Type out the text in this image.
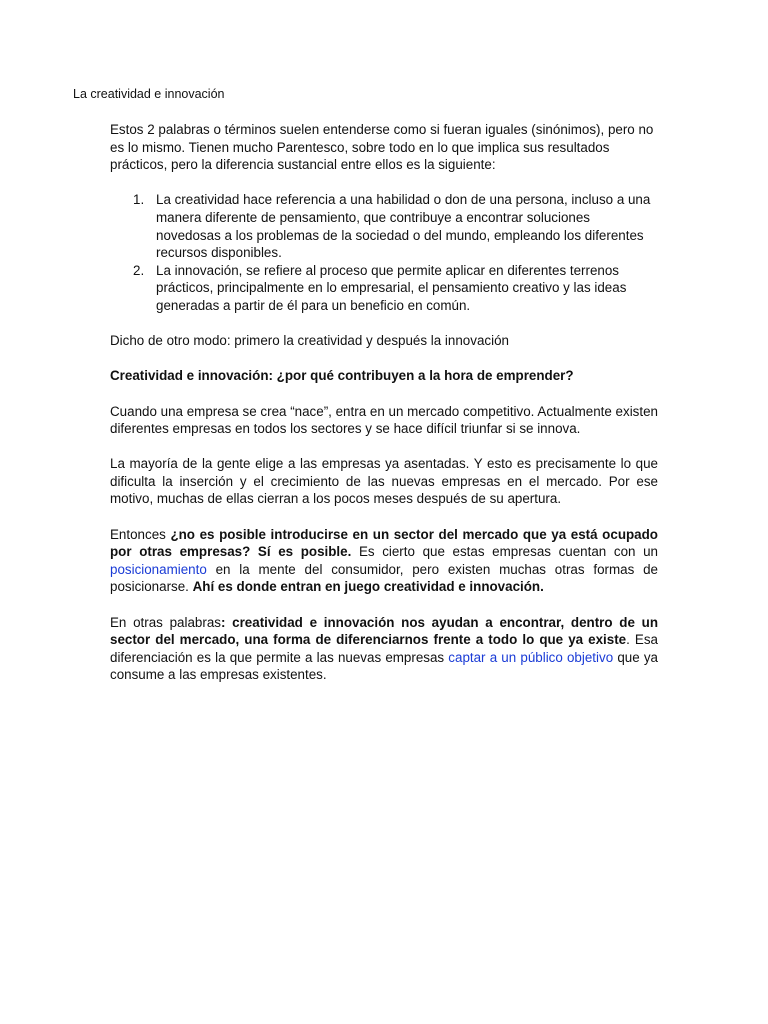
La creatividad e innovación

Estos 2 palabras o términos suelen entenderse como si fueran iguales (sinónimos), pero no es lo mismo. Tienen mucho Parentesco, sobre todo en lo que implica sus resultados prácticos, pero la diferencia sustancial entre ellos es la siguiente:

1. La creatividad hace referencia a una habilidad o don de una persona, incluso a una manera diferente de pensamiento, que contribuye a encontrar soluciones novedosas a los problemas de la sociedad o del mundo, empleando los diferentes recursos disponibles.
2. La innovación, se refiere al proceso que permite aplicar en diferentes terrenos prácticos, principalmente en lo empresarial, el pensamiento creativo y las ideas generadas a partir de él para un beneficio en común.

Dicho de otro modo: primero la creatividad y después la innovación

Creatividad e innovación: ¿por qué contribuyen a la hora de emprender?

Cuando una empresa se crea “nace”, entra en un mercado competitivo. Actualmente existen diferentes empresas en todos los sectores y se hace difícil triunfar si se innova.

La mayoría de la gente elige a las empresas ya asentadas. Y esto es precisamente lo que dificulta la inserción y el crecimiento de las nuevas empresas en el mercado. Por ese motivo, muchas de ellas cierran a los pocos meses después de su apertura.

Entonces ¿no es posible introducirse en un sector del mercado que ya está ocupado por otras empresas? Sí es posible. Es cierto que estas empresas cuentan con un posicionamiento en la mente del consumidor, pero existen muchas otras formas de posicionarse. Ahí es donde entran en juego creatividad e innovación.

En otras palabras: creatividad e innovación nos ayudan a encontrar, dentro de un sector del mercado, una forma de diferenciarnos frente a todo lo que ya existe. Esa diferenciación es la que permite a las nuevas empresas captar a un público objetivo que ya consume a las empresas existentes.
